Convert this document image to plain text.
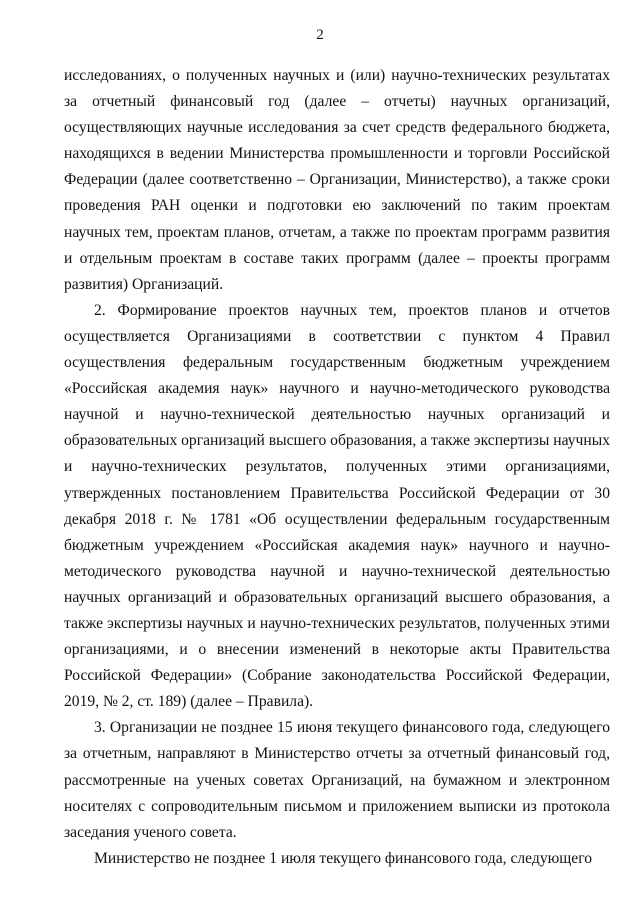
2

исследованиях, о полученных научных и (или) научно-технических результатах за отчетный финансовый год (далее – отчеты) научных организаций, осуществляющих научные исследования за счет средств федерального бюджета, находящихся в ведении Министерства промышленности и торговли Российской Федерации (далее соответственно – Организации, Министерство), а также сроки проведения РАН оценки и подготовки ею заключений по таким проектам научных тем, проектам планов, отчетам, а также по проектам программ развития и отдельным проектам в составе таких программ (далее – проекты программ развития) Организаций.

2. Формирование проектов научных тем, проектов планов и отчетов осуществляется Организациями в соответствии с пунктом 4 Правил осуществления федеральным государственным бюджетным учреждением «Российская академия наук» научного и научно-методического руководства научной и научно-технической деятельностью научных организаций и образовательных организаций высшего образования, а также экспертизы научных и научно-технических результатов, полученных этими организациями, утвержденных постановлением Правительства Российской Федерации от 30 декабря 2018 г. № 1781 «Об осуществлении федеральным государственным бюджетным учреждением «Российская академия наук» научного и научно-методического руководства научной и научно-технической деятельностью научных организаций и образовательных организаций высшего образования, а также экспертизы научных и научно-технических результатов, полученных этими организациями, и о внесении изменений в некоторые акты Правительства Российской Федерации» (Собрание законодательства Российской Федерации, 2019, № 2, ст. 189) (далее – Правила).

3. Организации не позднее 15 июня текущего финансового года, следующего за отчетным, направляют в Министерство отчеты за отчетный финансовый год, рассмотренные на ученых советах Организаций, на бумажном и электронном носителях с сопроводительным письмом и приложением выписки из протокола заседания ученого совета.

Министерство не позднее 1 июля текущего финансового года, следующего
